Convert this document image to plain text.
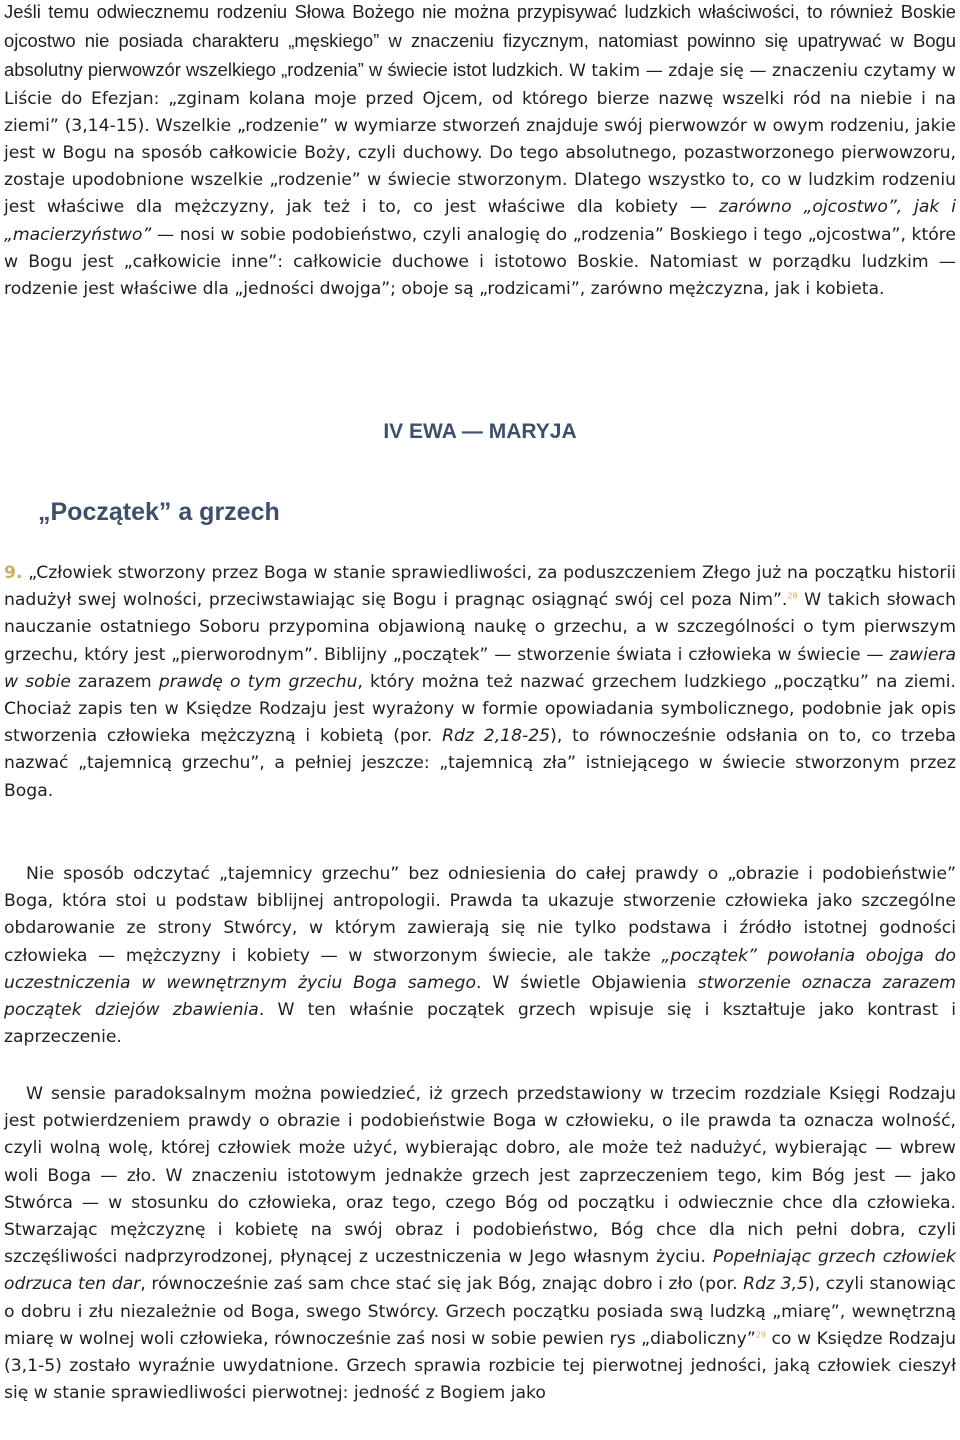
Jeśli temu odwiecznemu rodzeniu Słowa Bożego nie można przypisywać ludzkich właściwości, to również Boskie ojcostwo nie posiada charakteru „męskiego” w znaczeniu fizycznym, natomiast powinno się upatrywać w Bogu absolutny pierwowzór wszelkiego „rodzenia” w świecie istot ludzkich. W takim — zdaje się — znaczeniu czytamy w Liście do Efezjan: „zginam kolana moje przed Ojcem, od którego bierze nazwę wszelki ród na niebie i na ziemi” (3,14-15). Wszelkie „rodzenie” w wymiarze stworzeń znajduje swój pierwowzór w owym rodzeniu, jakie jest w Bogu na sposób całkowicie Boży, czyli duchowy. Do tego absolutnego, pozastworzonego pierwowzoru, zostaje upodobnione wszelkie „rodzenie” w świecie stworzonym. Dlatego wszystko to, co w ludzkim rodzeniu jest właściwe dla mężczyzny, jak też i to, co jest właściwe dla kobiety — zarówno „ojcostwo”, jak i „macierzyństwo” — nosi w sobie podobieństwo, czyli analogię do „rodzenia” Boskiego i tego „ojcostwa”, które w Bogu jest „całkowicie inne”: całkowicie duchowe i istotowo Boskie. Natomiast w porządku ludzkim — rodzenie jest właściwe dla „jedności dwojga”; oboje są „rodzicami”, zarówno mężczyzna, jak i kobieta.

IV EWA — MARYJA
„Początek” a grzech

9. „Człowiek stworzony przez Boga w stanie sprawiedliwości, za poduszczeniem Złego już na początku historii nadużył swej wolności, przeciwstawiając się Bogu i pragnąc osiągnąć swój cel poza Nim”.$^{28}$ W takich słowach nauczanie ostatniego Soboru przypomina objawioną naukę o grzechu, a w szczególności o tym pierwszym grzechu, który jest „pierworodnym”. Biblijny „początek” — stworzenie świata i człowieka w świecie — zawiera w sobie zarazem prawdę o tym grzechu, który można też nazwać grzechem ludzkiego „początku” na ziemi. Chociaż zapis ten w Księdze Rodzaju jest wyrażony w formie opowiadania symbolicznego, podobnie jak opis stworzenia człowieka mężczyzną i kobietą (por. Rdz 2,18-25), to równocześnie odsłania on to, co trzeba nazwać „tajemnicą grzechu”, a pełniej jeszcze: „tajemnicą zła” istniejącego w świecie stworzonym przez Boga.

Nie sposób odczytać „tajemnicy grzechu” bez odniesienia do całej prawdy o „obrazie i podobieństwie” Boga, która stoi u podstaw biblijnej antropologii. Prawda ta ukazuje stworzenie człowieka jako szczególne obdarowanie ze strony Stwórcy, w którym zawierają się nie tylko podstawa i źródło istotnej godności człowieka — mężczyzny i kobiety — w stworzonym świecie, ale także „początek” powołania obojga do uczestniczenia w wewnętrznym życiu Boga samego. W świetle Objawienia stworzenie oznacza zarazem początek dziejów zbawienia. W ten właśnie początek grzech wpisuje się i kształtuje jako kontrast i zaprzeczenie.

W sensie paradoksalnym można powiedzieć, iż grzech przedstawiony w trzecim rozdziale Księgi Rodzaju jest potwierdzeniem prawdy o obrazie i podobieństwie Boga w człowieku, o ile prawda ta oznacza wolność, czyli wolną wolę, której człowiek może użyć, wybierając dobro, ale może też nadużyć, wybierając — wbrew woli Boga — zło. W znaczeniu istotowym jednakże grzech jest zaprzeczeniem tego, kim Bóg jest — jako Stwórca — w stosunku do człowieka, oraz tego, czego Bóg od początku i odwiecznie chce dla człowieka. Stwarzając mężczyznę i kobietę na swój obraz i podobieństwo, Bóg chce dla nich pełni dobra, czyli szczęśliwości nadprzyrodzonej, płynącej z uczestniczenia w Jego własnym życiu. Popełniając grzech człowiek odrzuca ten dar, równocześnie zaś sam chce stać się jak Bóg, znając dobro i zło (por. Rdz 3,5), czyli stanowiąc o dobru i złu niezależnie od Boga, swego Stwórcy. Grzech początku posiada swą ludzką „miarę”, wewnętrzną miarę w wolnej woli człowieka, równocześnie zaś nosi w sobie pewien rys „diaboliczny”$^{29}$ co w Księdze Rodzaju (3,1-5) zostało wyraźnie uwydatnione. Grzech sprawia rozbicie tej pierwotnej jedności, jaką człowiek cieszył się w stanie sprawiedliwości pierwotnej: jedność z Bogiem jako
